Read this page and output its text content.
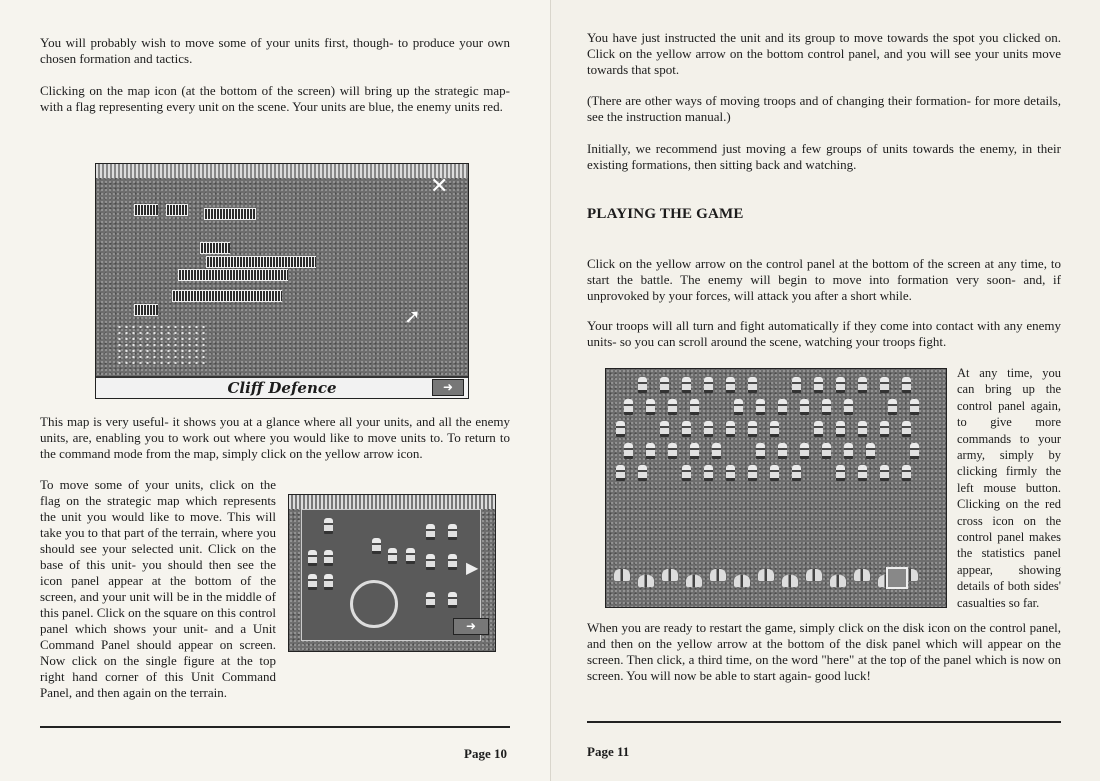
You will probably wish to move some of your units first, though- to produce your own chosen formation and tactics.

Clicking on the map icon (at the bottom of the screen) will bring up the strategic map- with a flag representing every unit on the scene. Your units are blue, the enemy units red.

✕
➚
Cliff Defence	➜

This map is very useful- it shows you at a glance where all your units, and all the enemy units, are, enabling you to work out where you would like to move units to. To return to the command mode from the map, simply click on the yellow arrow icon.

▶
➜

To move some of your units, click on the flag on the strategic map which represents the unit you would like to move. This will take you to that part of the terrain, where you should see your selected unit. Click on the base of this unit- you should then see the icon panel appear at the bottom of the screen, and your unit will be in the middle of this panel. Click on the square on this control panel which shows your unit- and a Unit Command Panel should appear on screen. Now click on the single figure at the top right hand corner of this Unit Command Panel, and then again on the terrain.

Page 10

You have just instructed the unit and its group to move towards the spot you clicked on. Click on the yellow arrow on the bottom control panel, and you will see your units move towards that spot.

(There are other ways of moving troops and of changing their formation- for more details, see the instruction manual.)

Initially, we recommend just moving a few groups of units towards the enemy, in their existing formations, then sitting back and watching.

PLAYING THE GAME

Click on the yellow arrow on the control panel at the bottom of the screen at any time, to start the battle. The enemy will begin to move into formation very soon- and, if unprovoked by your forces, will attack you after a short while.

Your troops will all turn and fight automatically if they come into contact with any enemy units- so you can scroll around the scene, watching your troops fight.

At any time, you can bring up the control panel again, to give more commands to your army, simply by clicking firmly the left mouse button. Clicking on the red cross icon on the control panel makes the statistics panel appear, showing details of both sides' casualties so far.

When you are ready to restart the game, simply click on the disk icon on the control panel, and then on the yellow arrow at the bottom of the disk panel which will appear on the screen. Then click, a third time, on the word "here" at the top of the panel which is now on screen. You will now be able to start again- good luck!

Page 11
